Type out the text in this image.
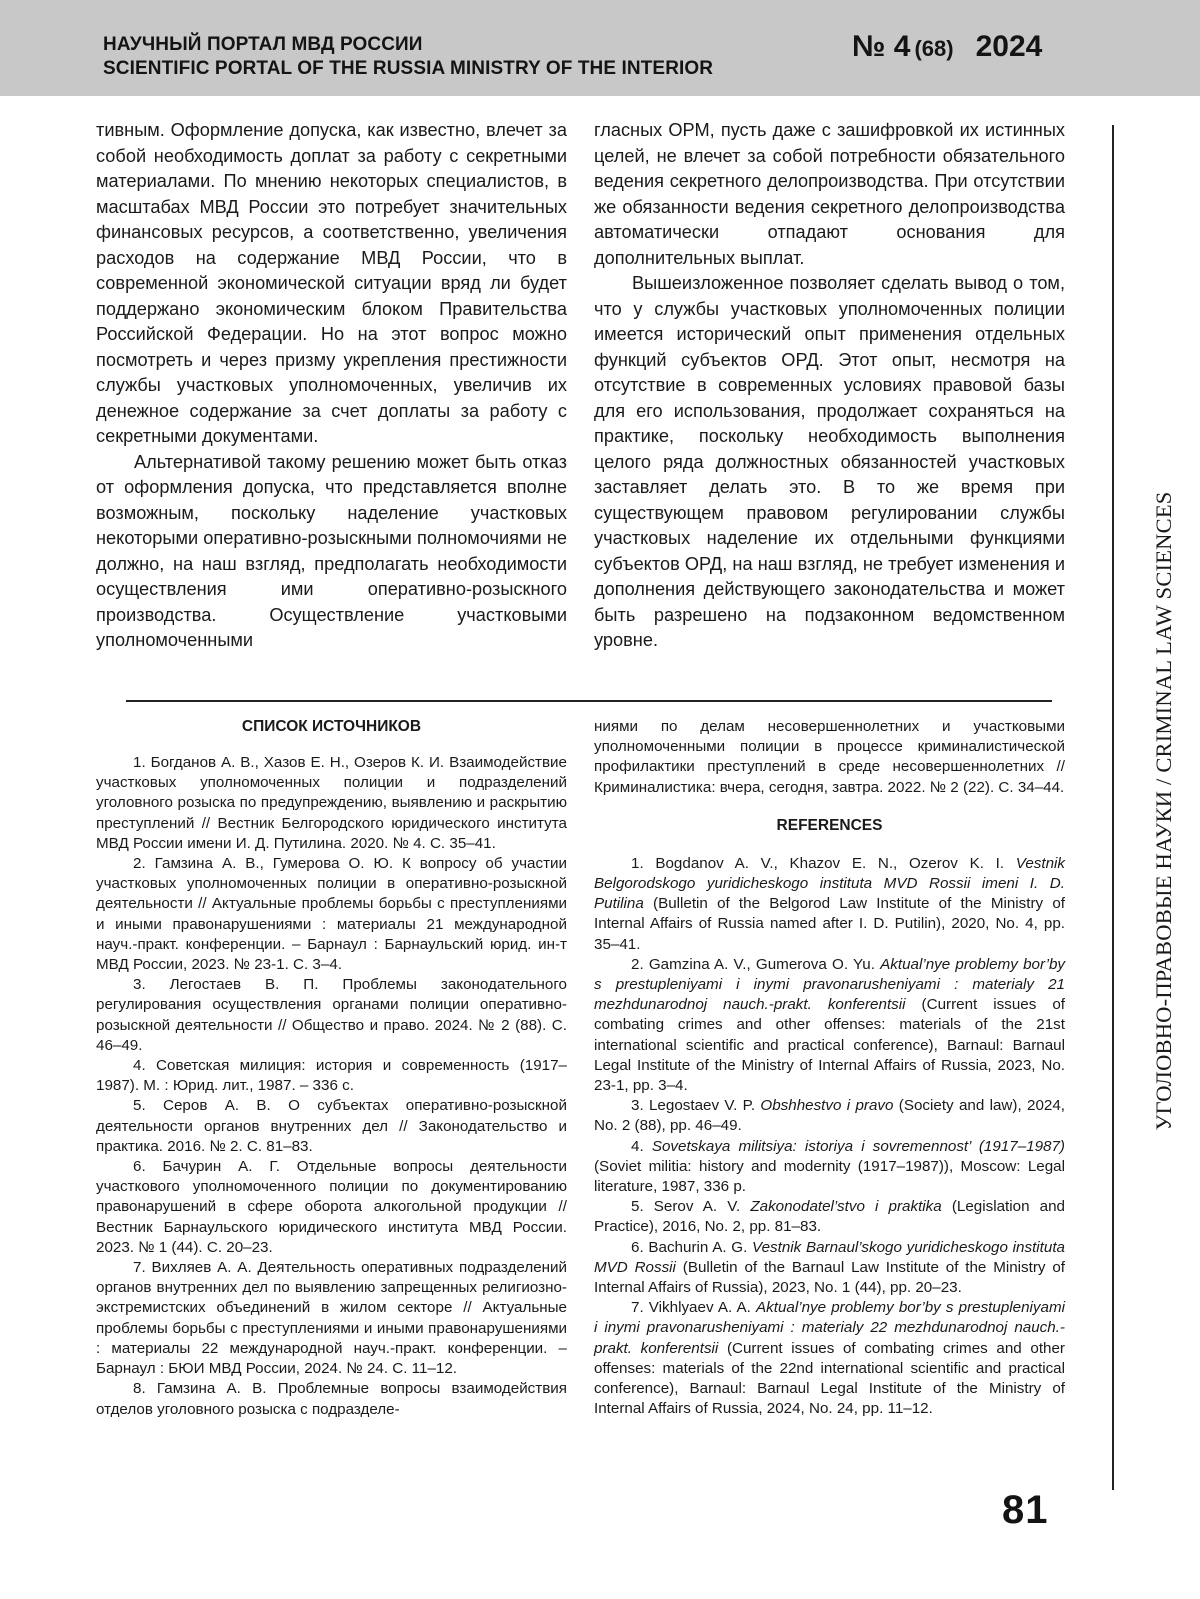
НАУЧНЫЙ ПОРТАЛ МВД РОССИИ
SCIENTIFIC PORTAL OF THE RUSSIA MINISTRY OF THE INTERIOR
№ 4 (68) 2024

тивным. Оформление допуска, как известно, влечет за собой необходимость доплат за работу с секретными материалами. По мнению некоторых специалистов, в масштабах МВД России это потребует значительных финансовых ресурсов, а соответственно, увеличения расходов на содержание МВД России, что в современной экономической ситуации вряд ли будет поддержано экономическим блоком Правительства Российской Федерации. Но на этот вопрос можно посмотреть и через призму укрепления престижности службы участковых уполномоченных, увеличив их денежное содержание за счет доплаты за работу с секретными документами.

Альтернативой такому решению может быть отказ от оформления допуска, что представляется вполне возможным, поскольку наделение участковых некоторыми оперативно-розыскными полномочиями не должно, на наш взгляд, предполагать необходимости осуществления ими оперативно-розыскного производства. Осуществление участковыми уполномоченными

гласных ОРМ, пусть даже с зашифровкой их истинных целей, не влечет за собой потребности обязательного ведения секретного делопроизводства. При отсутствии же обязанности ведения секретного делопроизводства автоматически отпадают основания для дополнительных выплат.

Вышеизложенное позволяет сделать вывод о том, что у службы участковых уполномоченных полиции имеется исторический опыт применения отдельных функций субъектов ОРД. Этот опыт, несмотря на отсутствие в современных условиях правовой базы для его использования, продолжает сохраняться на практике, поскольку необходимость выполнения целого ряда должностных обязанностей участковых заставляет делать это. В то же время при существующем правовом регулировании службы участковых наделение их отдельными функциями субъектов ОРД, на наш взгляд, не требует изменения и дополнения действующего законодательства и может быть разрешено на подзаконном ведомственном уровне.	УГОЛОВНО-ПРАВОВЫЕ НАУКИ / CRIMINAL LAW SCIENCES

СПИСОК ИСТОЧНИКОВ

1. Богданов А. В., Хазов Е. Н., Озеров К. И. Взаимодействие участковых уполномоченных полиции и подразделений уголовного розыска по предупреждению, выявлению и раскрытию преступлений // Вестник Белгородского юридического института МВД России имени И. Д. Путилина. 2020. № 4. С. 35–41.

2. Гамзина А. В., Гумерова О. Ю. К вопросу об участии участковых уполномоченных полиции в оперативно-розыскной деятельности // Актуальные проблемы борьбы с преступлениями и иными правонарушениями : материалы 21 международной науч.-практ. конференции. – Барнаул : Барнаульский юрид. ин-т МВД России, 2023. № 23-1. С. 3–4.

3. Легостаев В. П. Проблемы законодательного регулирования осуществления органами полиции оперативно-розыскной деятельности // Общество и право. 2024. № 2 (88). С. 46–49.

4. Советская милиция: история и современность (1917–1987). М. : Юрид. лит., 1987. – 336 с.

5. Серов А. В. О субъектах оперативно-розыскной деятельности органов внутренних дел // Законодательство и практика. 2016. № 2. С. 81–83.

6. Бачурин А. Г. Отдельные вопросы деятельности участкового уполномоченного полиции по документированию правонарушений в сфере оборота алкогольной продукции // Вестник Барнаульского юридического института МВД России. 2023. № 1 (44). С. 20–23.

7. Вихляев А. А. Деятельность оперативных подразделений органов внутренних дел по выявлению запрещенных религиозно-экстремистских объединений в жилом секторе // Актуальные проблемы борьбы с преступлениями и иными правонарушениями : материалы 22 международной науч.-практ. конференции. – Барнаул : БЮИ МВД России, 2024. № 24. С. 11–12.

8. Гамзина А. В. Проблемные вопросы взаимодействия отделов уголовного розыска с подразделе-

ниями по делам несовершеннолетних и участковыми уполномоченными полиции в процессе криминалистической профилактики преступлений в среде несовершеннолетних // Криминалистика: вчера, сегодня, завтра. 2022. № 2 (22). С. 34–44.

REFERENCES

1. Bogdanov A. V., Khazov E. N., Ozerov K. I. Vestnik Belgorodskogo yuridicheskogo instituta MVD Rossii imeni I. D. Putilina (Bulletin of the Belgorod Law Institute of the Ministry of Internal Affairs of Russia named after I. D. Putilin), 2020, No. 4, pp. 35–41.

2. Gamzina A. V., Gumerova O. Yu. Aktual’nye problemy bor’by s prestupleniyami i inymi pravonarusheniyami : materialy 21 mezhdunarodnoj nauch.-prakt. konferentsii (Current issues of combating crimes and other offenses: materials of the 21st international scientific and practical conference), Barnaul: Barnaul Legal Institute of the Ministry of Internal Affairs of Russia, 2023, No. 23-1, pp. 3–4.

3. Legostaev V. P. Obshhestvo i pravo (Society and law), 2024, No. 2 (88), pp. 46–49.

4. Sovetskaya militsiya: istoriya i sovremennost’ (1917–1987) (Soviet militia: history and modernity (1917–1987)), Moscow: Legal literature, 1987, 336 p.

5. Serov A. V. Zakonodatel’stvo i praktika (Legislation and Practice), 2016, No. 2, pp. 81–83.

6. Bachurin A. G. Vestnik Barnaul’skogo yuridicheskogo instituta MVD Rossii (Bulletin of the Barnaul Law Institute of the Ministry of Internal Affairs of Russia), 2023, No. 1 (44), pp. 20–23.

7. Vikhlyaev A. A. Aktual’nye problemy bor’by s prestupleniyami i inymi pravonarusheniyami : materialy 22 mezhdunarodnoj nauch.-prakt. konferentsii (Current issues of combating crimes and other offenses: materials of the 22nd international scientific and practical conference), Barnaul: Barnaul Legal Institute of the Ministry of Internal Affairs of Russia, 2024, No. 24, pp. 11–12.

81
